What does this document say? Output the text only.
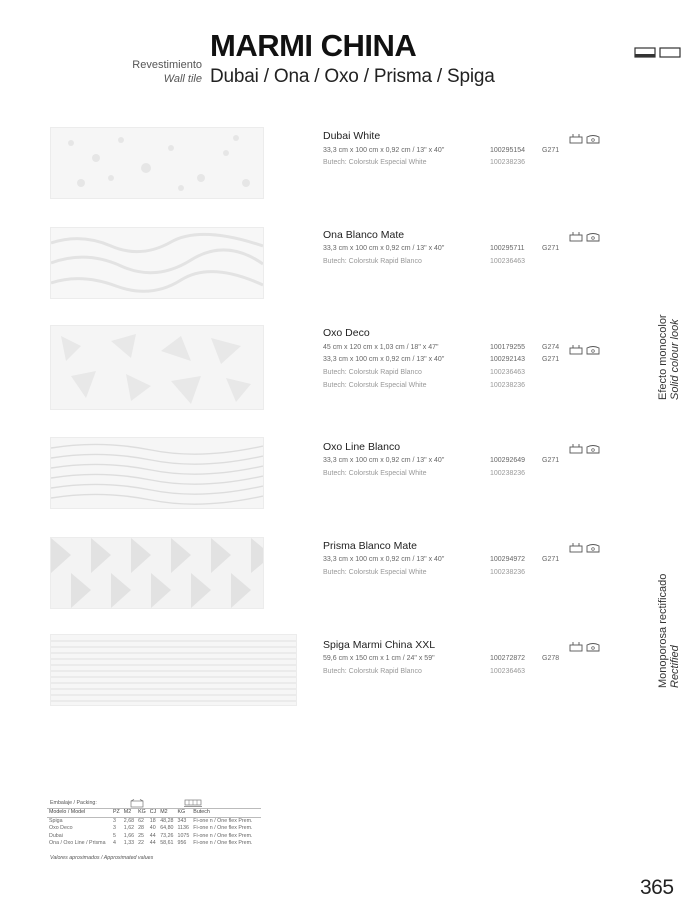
MARMI CHINA
Revestimiento
Wall tile Dubai / Ona / Oxo / Prisma / Spiga
Dubai White
33,3 cm x 100 cm x 0,92 cm / 13" x 40"	100295154 G271
Butech: Colorstuk Especial White	100238236
Ona Blanco Mate
33,3 cm x 100 cm x 0,92 cm / 13" x 40"	100295711 G271
Butech: Colorstuk Rapid Blanco	100236463
Oxo Deco
45 cm x 120 cm x 1,03 cm / 18" x 47"	100179255 G274
33,3 cm x 100 cm x 0,92 cm / 13" x 40"	100292143 G271
Butech: Colorstuk Rapid Blanco	100236463
Butech: Colorstuk Especial White	100238236
Oxo Line Blanco
33,3 cm x 100 cm x 0,92 cm / 13" x 40"	100292649 G271
Butech: Colorstuk Especial White	100238236
Prisma Blanco Mate
33,3 cm x 100 cm x 0,92 cm / 13" x 40"	100294972 G271
Butech: Colorstuk Especial White	100238236
Spiga Marmi China XXL
59,6 cm x 150 cm x 1 cm / 24" x 59"	100272872 G278
Butech: Colorstuk Rapid Blanco	100236463
Efecto monocolor Solid colour look
Monoporosa rectificado Rectified
Embalaje / Packing:
Modelo / Model	PZ	M2	KG	CJ	M2	KG	Butech
Spiga	3	2,68	62	18	48,28	343	Fi-one n / One flex Prem.
Oxo Deco	3	1,62	28	40	64,80	1136	Fi-one n / One flex Prem.
Dubai	5	1,66	25	44	73,26	1075	Fi-one n / One flex Prem.
Ona / Oxo Line / Prisma	4	1,33	22	44	58,61	956	Fi-one n / One flex Prem.
Valores aproximados / Approximated values
365
